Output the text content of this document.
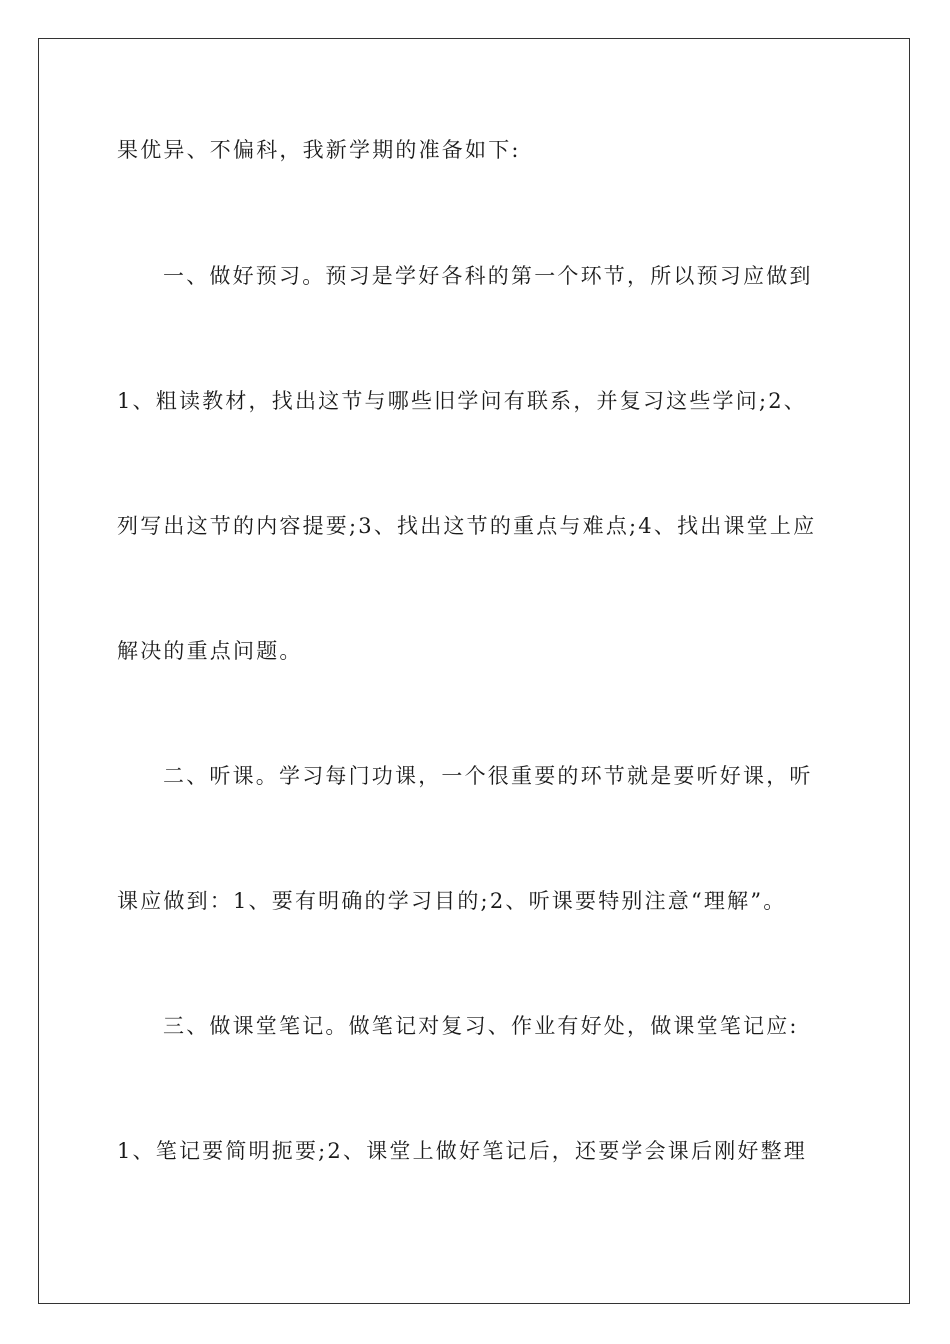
果优异、不偏科，我新学期的准备如下:
一、做好预习。预习是学好各科的第一个环节，所以预习应做到
1、粗读教材，找出这节与哪些旧学问有联系，并复习这些学问;2、
列写出这节的内容提要;3、找出这节的重点与难点;4、找出课堂上应
解决的重点问题。
二、听课。学习每门功课，一个很重要的环节就是要听好课，听
课应做到：1、要有明确的学习目的;2、听课要特别注意“理解”。
三、做课堂笔记。做笔记对复习、作业有好处，做课堂笔记应:
1、笔记要简明扼要;2、课堂上做好笔记后，还要学会课后刚好整理
